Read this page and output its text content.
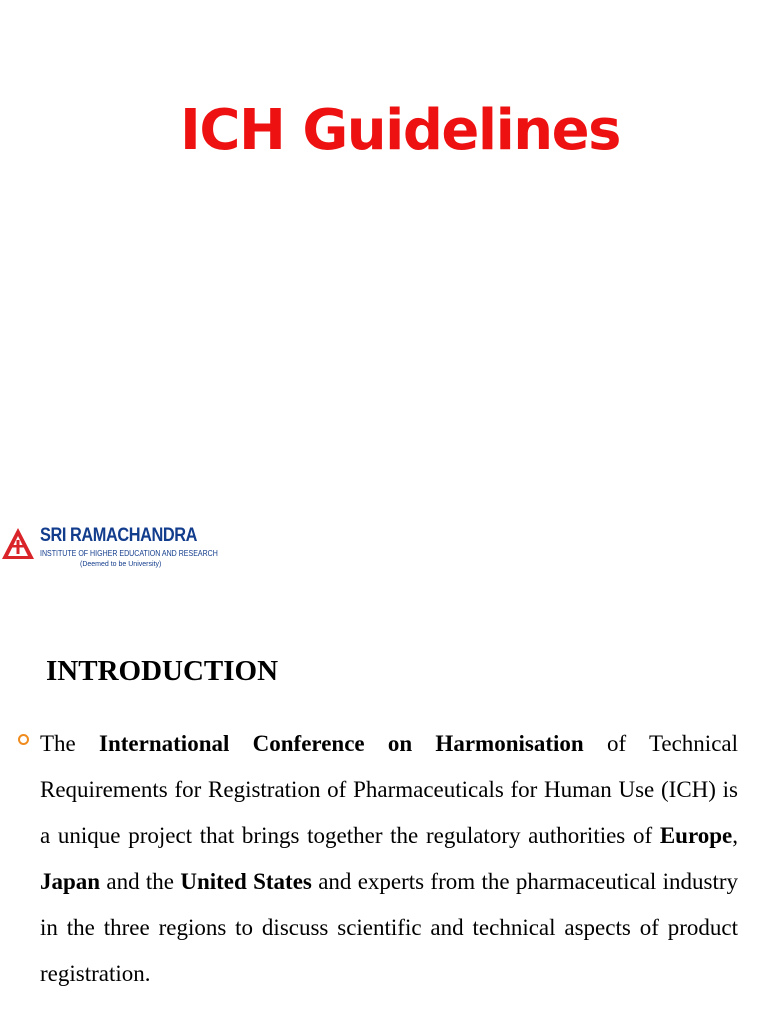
ICH Guidelines
SRI RAMACHANDRA
INSTITUTE OF HIGHER EDUCATION AND RESEARCH
(Deemed to be University)
INTRODUCTION

The International Conference on Harmonisation of Technical Requirements for Registration of Pharmaceuticals for Human Use (ICH) is a unique project that brings together the regulatory authorities of Europe, Japan and the United States and experts from the pharmaceutical industry in the three regions to discuss scientific and technical aspects of product registration.
